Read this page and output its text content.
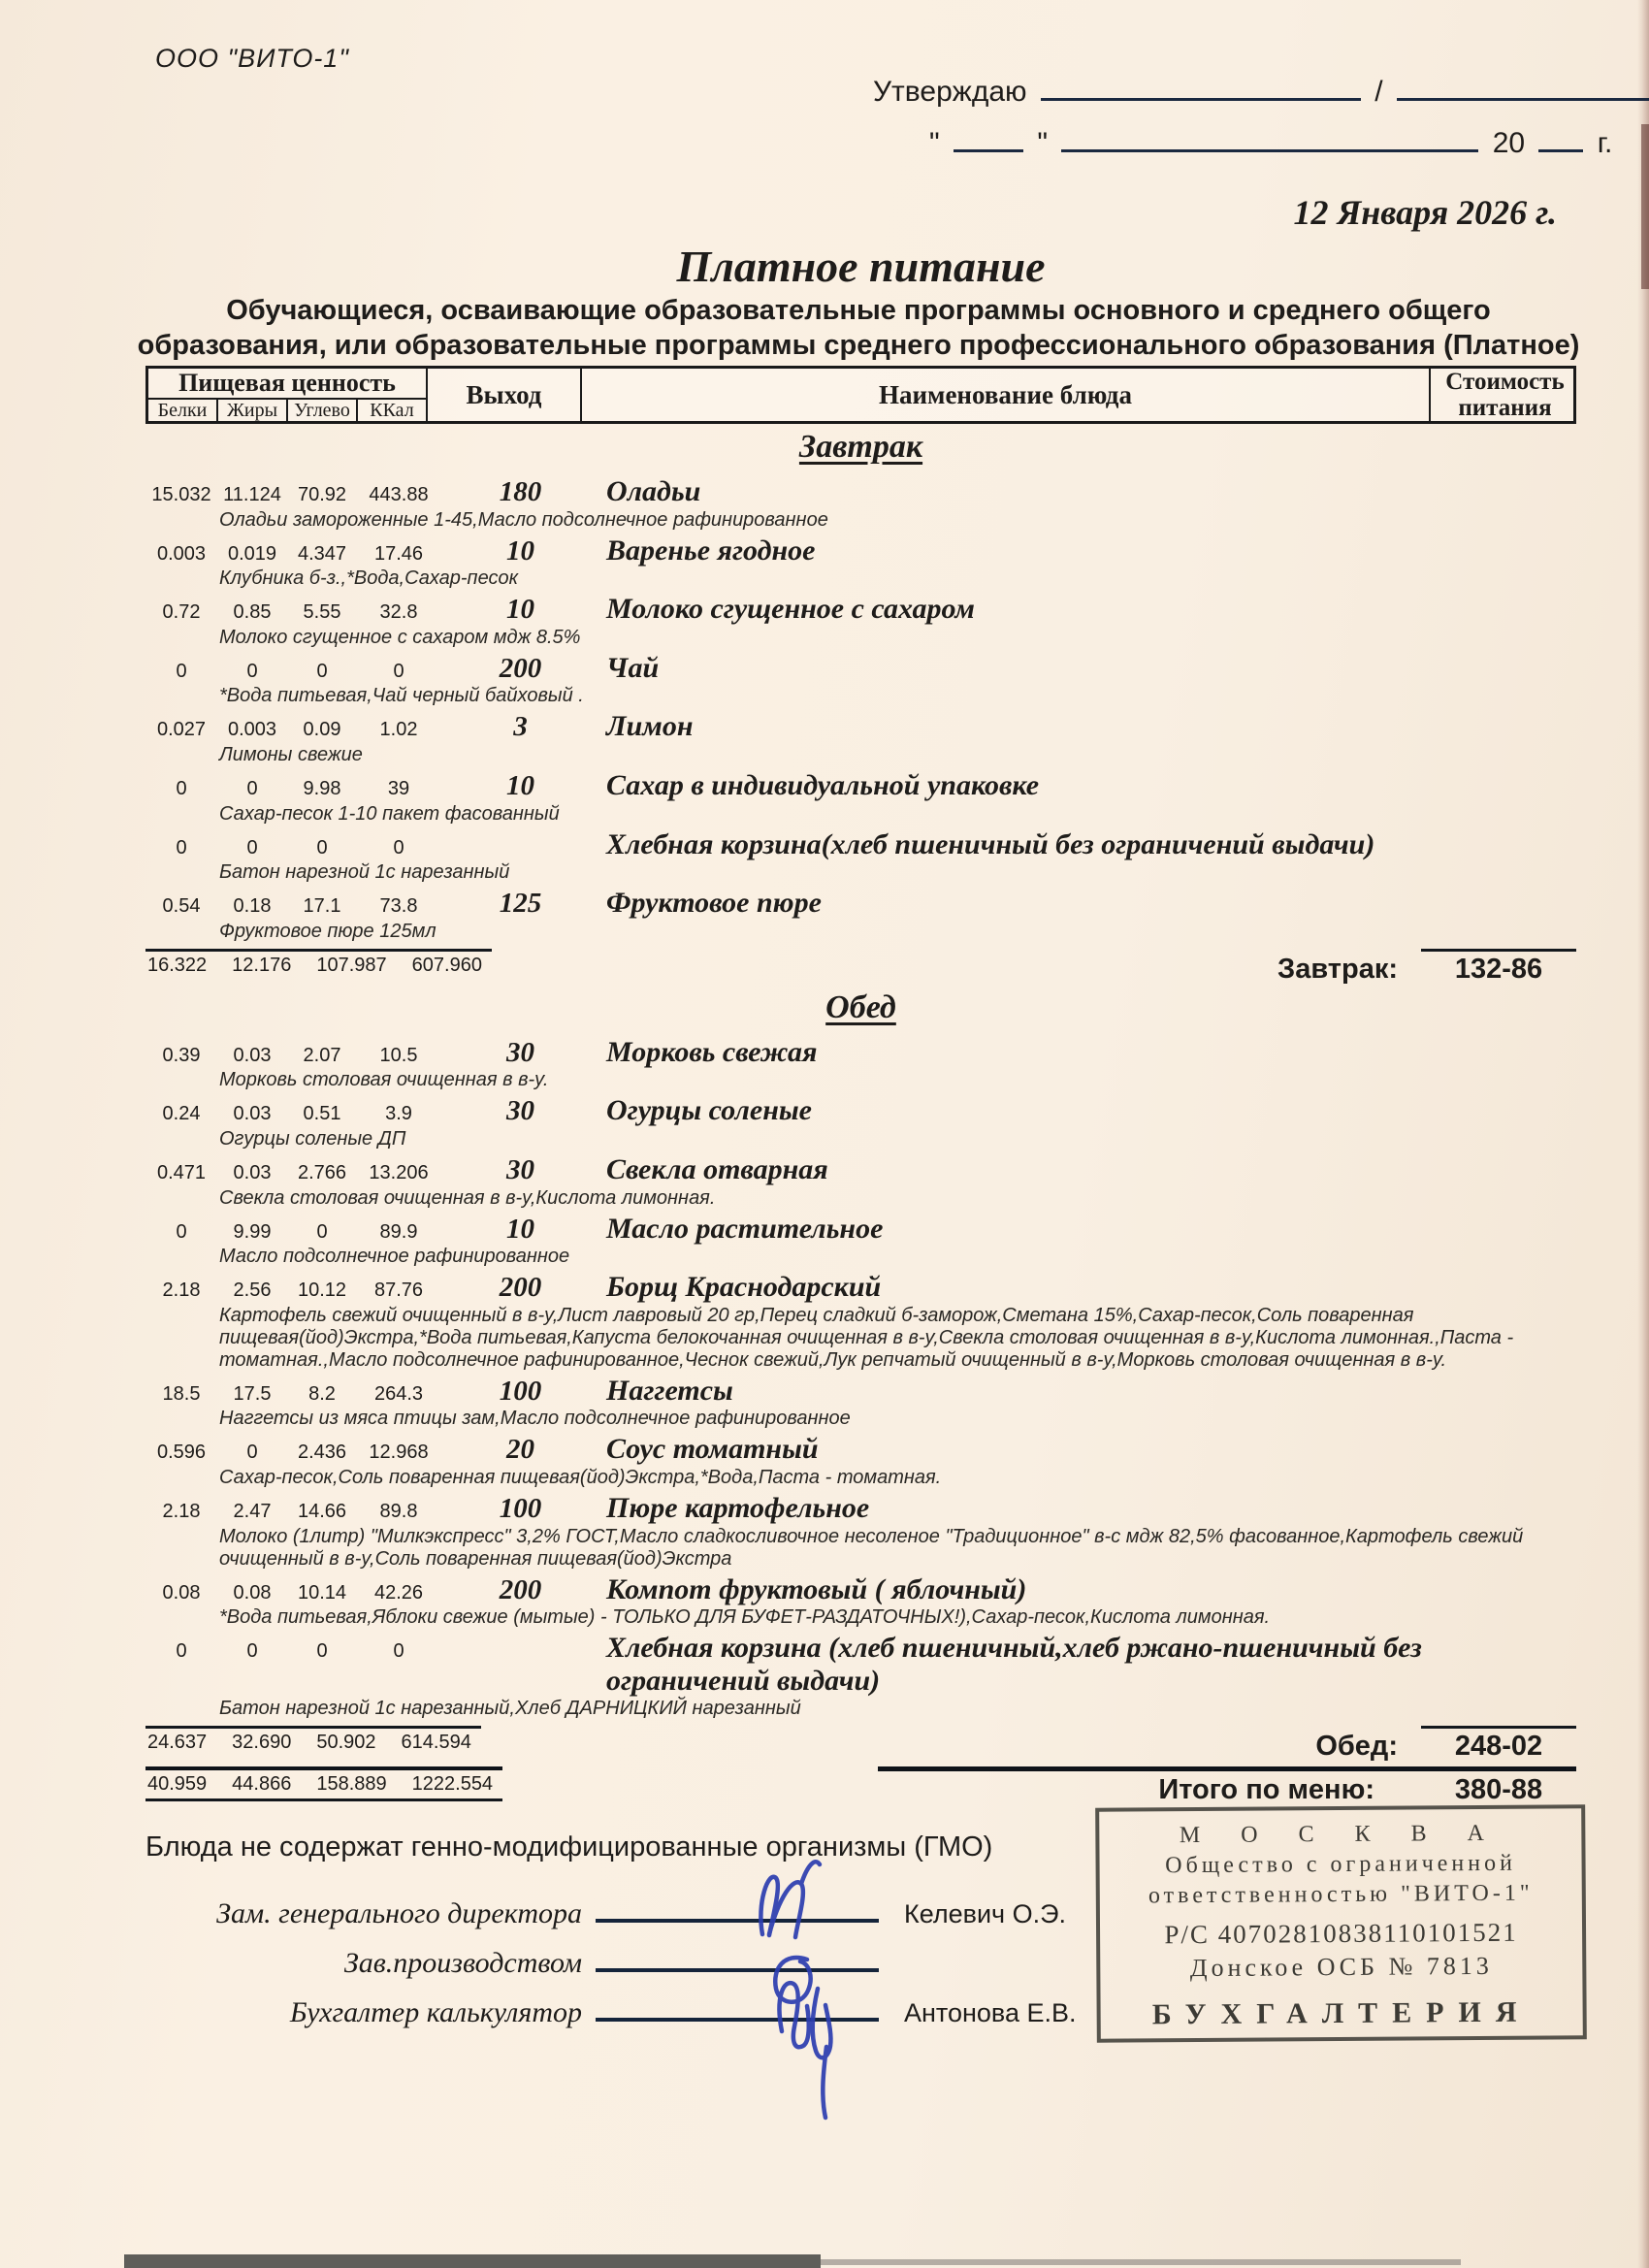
ООО "ВИТО-1"
Утверждаю	/
"	"	20 г.
12 Января 2026 г.
Платное питание
Обучающиеся, осваивающие образовательные программы основного и среднего общего образования, или образовательные программы среднего профессионального образования (Платное)
Пищевая ценность
Белки	Жиры Углево	ККал
Выход	Наименование блюда	Стоимость питания
Завтрак
15.032 11.124 70.92	443.88	180	Оладьи
Оладьи замороженные 1-45,Масло подсолнечное рафинированное
0.003	0.019	4.347	17.46	10	Варенье ягодное
Клубника б-з.,*Вода,Сахар-песок
0.72	0.85	5.55	32.8	10	Молоко сгущенное с сахаром
Молоко сгущенное с сахаром мдж 8.5%
0	0	0	0	200	Чай
*Вода питьевая,Чай черный байховый .
0.027	0.003	0.09	1.02	3	Лимон
Лимоны свежие
0	0	9.98	39	10	Сахар в индивидуальной упаковке
Сахар-песок 1-10 пакет фасованный
0	0	0	0	Хлебная корзина(хлеб пшеничный без ограничений выдачи)
Батон нарезной 1с нарезанный
0.54	0.18	17.1	73.8	125	Фруктовое пюре
Фруктовое пюре 125мл
16.322 12.176 107.987 607.960	Завтрак:	132-86
Обед
0.39	0.03	2.07	10.5	30	Морковь свежая
Морковь столовая очищенная в в-у.
0.24	0.03	0.51	3.9	30	Огурцы соленые
Огурцы соленые ДП
0.471	0.03	2.766	13.206	30	Свекла отварная
Свекла столовая очищенная в в-у,Кислота лимонная.
0	9.99	0	89.9	10	Масло растительное
Масло подсолнечное рафинированное
2.18	2.56	10.12	87.76	200	Борщ Краснодарский
Картофель свежий очищенный в в-у,Лист лавровый 20 гр,Перец сладкий б-заморож,Сметана 15%,Сахар-песок,Соль поваренная пищевая(йод)Экстра,*Вода питьевая,Капуста белокочанная очищенная в в-у,Свекла столовая очищенная в в-у,Кислота лимонная.,Паста - томатная.,Масло подсолнечное рафинированное,Чеснок свежий,Лук репчатый очищенный в в-у,Морковь столовая очищенная в в-у.
18.5	17.5	8.2	264.3	100	Наггетсы
Наггетсы из мяса птицы зам,Масло подсолнечное рафинированное
0.596	0	2.436	12.968	20	Соус томатный
Сахар-песок,Соль поваренная пищевая(йод)Экстра,*Вода,Паста - томатная.
2.18	2.47	14.66	89.8	100	Пюре картофельное
Молоко (1литр) "Милкэкспресс" 3,2% ГОСТ,Масло сладкосливочное несоленое "Традиционное" в-с мдж 82,5% фасованное,Картофель свежий очищенный в в-у,Соль поваренная пищевая(йод)Экстра
0.08	0.08	10.14	42.26	200	Компот фруктовый ( яблочный)
*Вода питьевая,Яблоки свежие (мытые) - ТОЛЬКО ДЛЯ БУФЕТ-РАЗДАТОЧНЫХ!),Сахар-песок,Кислота лимонная.
0	0	0	0	Хлебная корзина (хлеб пшеничный,хлеб ржано-пшеничный без ограничений выдачи)
Батон нарезной 1с нарезанный,Хлеб ДАРНИЦКИЙ нарезанный
24.637 32.690 50.902 614.594	Обед:	248-02
40.959 44.866 158.889 1222.554	Итого по меню:	380-88
Блюда не содержат генно-модифицированные организмы (ГМО)	М О С К В А
Общество с ограниченной
ответственностью "ВИТО-1"
Р/С 40702810838110101521
Донское ОСБ № 7813
БУХГАЛТЕРИЯ
Зам. генерального директора	Келевич О.Э.
Зав.производством
Бухгалтер калькулятор	Антонова Е.В.
